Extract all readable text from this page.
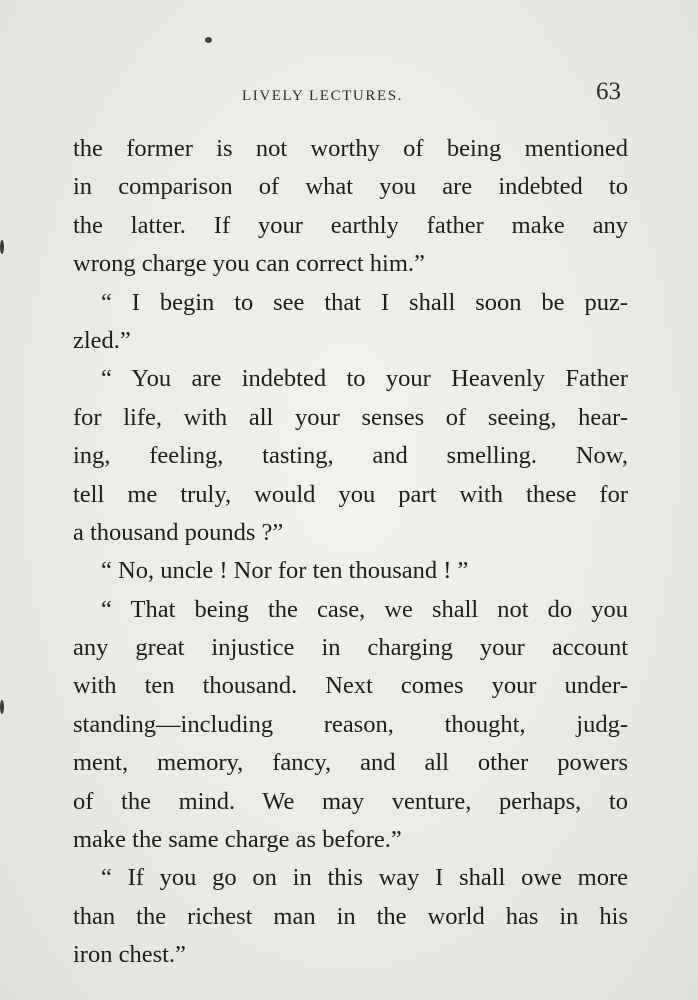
LIVELY LECTURES.	63
the former is not worthy of being mentioned
in comparison of what you are indebted to
the latter. If your earthly father make any
wrong charge you can correct him.”
“ I begin to see that I shall soon be puz-
zled.”
“ You are indebted to your Heavenly Father
for life, with all your senses of seeing, hear-
ing, feeling, tasting, and smelling. Now,
tell me truly, would you part with these for
a thousand pounds ?”
“ No, uncle ! Nor for ten thousand ! ”
“ That being the case, we shall not do you
any great injustice in charging your account
with ten thousand. Next comes your under-
standing—including reason, thought, judg-
ment, memory, fancy, and all other powers
of the mind. We may venture, perhaps, to
make the same charge as before.”
“ If you go on in this way I shall owe more
than the richest man in the world has in his
iron chest.”
